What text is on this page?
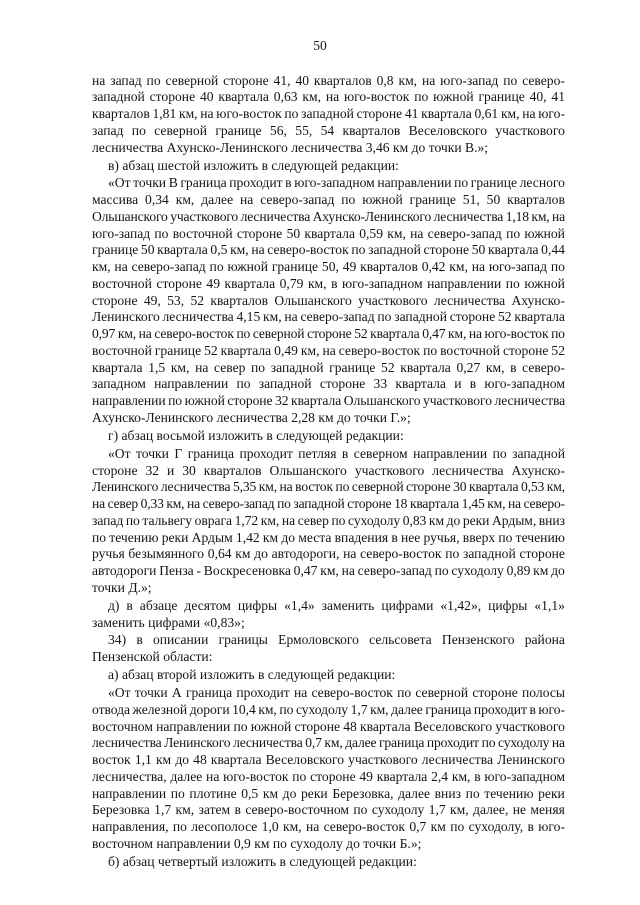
50
на запад по северной стороне 41, 40 кварталов 0,8 км, на юго-запад по северо-
западной стороне 40 квартала 0,63 км, на юго-восток по южной границе 40, 41
кварталов 1,81 км, на юго-восток по западной стороне 41 квартала 0,61 км, на юго-
запад по северной границе 56, 55, 54 кварталов Веселовского участкового
лесничества Ахунско-Ленинского лесничества 3,46 км до точки В.»;
в) абзац шестой изложить в следующей редакции:
«От точки В граница проходит в юго-западном направлении по границе лесного
массива 0,34 км, далее на северо-запад по южной границе 51, 50 кварталов
Ольшанского участкового лесничества Ахунско-Ленинского лесничества 1,18 км, на
юго-запад по восточной стороне 50 квартала 0,59 км, на северо-запад по южной
границе 50 квартала 0,5 км, на северо-восток по западной стороне 50 квартала 0,44
км, на северо-запад по южной границе 50, 49 кварталов 0,42 км, на юго-запад по
восточной стороне 49 квартала 0,79 км, в юго-западном направлении по южной
стороне 49, 53, 52 кварталов Ольшанского участкового лесничества Ахунско-
Ленинского лесничества 4,15 км, на северо-запад по западной стороне 52 квартала
0,97 км, на северо-восток по северной стороне 52 квартала 0,47 км, на юго-восток по
восточной границе 52 квартала 0,49 км, на северо-восток по восточной стороне 52
квартала 1,5 км, на север по западной границе 52 квартала 0,27 км, в северо-
западном направлении по западной стороне 33 квартала и в юго-западном
направлении по южной стороне 32 квартала Ольшанского участкового лесничества
Ахунско-Ленинского лесничества 2,28 км до точки Г.»;
г) абзац восьмой изложить в следующей редакции:
«От точки Г граница проходит петляя в северном направлении по западной
стороне 32 и 30 кварталов Ольшанского участкового лесничества Ахунско-
Ленинского лесничества 5,35 км, на восток по северной стороне 30 квартала 0,53 км,
на север 0,33 км, на северо-запад по западной стороне 18 квартала 1,45 км, на северо-
запад по тальвегу оврага 1,72 км, на север по суходолу 0,83 км до реки Ардым, вниз
по течению реки Ардым 1,42 км до места впадения в нее ручья, вверх по течению
ручья безымянного 0,64 км до автодороги, на северо-восток по западной стороне
автодороги Пенза - Воскресеновка 0,47 км, на северо-запад по суходолу 0,89 км до
точки Д.»;
д) в абзаце десятом цифры «1,4» заменить цифрами «1,42», цифры «1,1»
заменить цифрами «0,83»;
34) в описании границы Ермоловского сельсовета Пензенского района
Пензенской области:
а) абзац второй изложить в следующей редакции:
«От точки А граница проходит на северо-восток по северной стороне полосы
отвода железной дороги 10,4 км, по суходолу 1,7 км, далее граница проходит в юго-
восточном направлении по южной стороне 48 квартала Веселовского участкового
лесничества Ленинского лесничества 0,7 км, далее граница проходит по суходолу на
восток 1,1 км до 48 квартала Веселовского участкового лесничества Ленинского
лесничества, далее на юго-восток по стороне 49 квартала 2,4 км, в юго-западном
направлении по плотине 0,5 км до реки Березовка, далее вниз по течению реки
Березовка 1,7 км, затем в северо-восточном по суходолу 1,7 км, далее, не меняя
направления, по лесополосе 1,0 км, на северо-восток 0,7 км по суходолу, в юго-
восточном направлении 0,9 км по суходолу до точки Б.»;
б) абзац четвертый изложить в следующей редакции:
